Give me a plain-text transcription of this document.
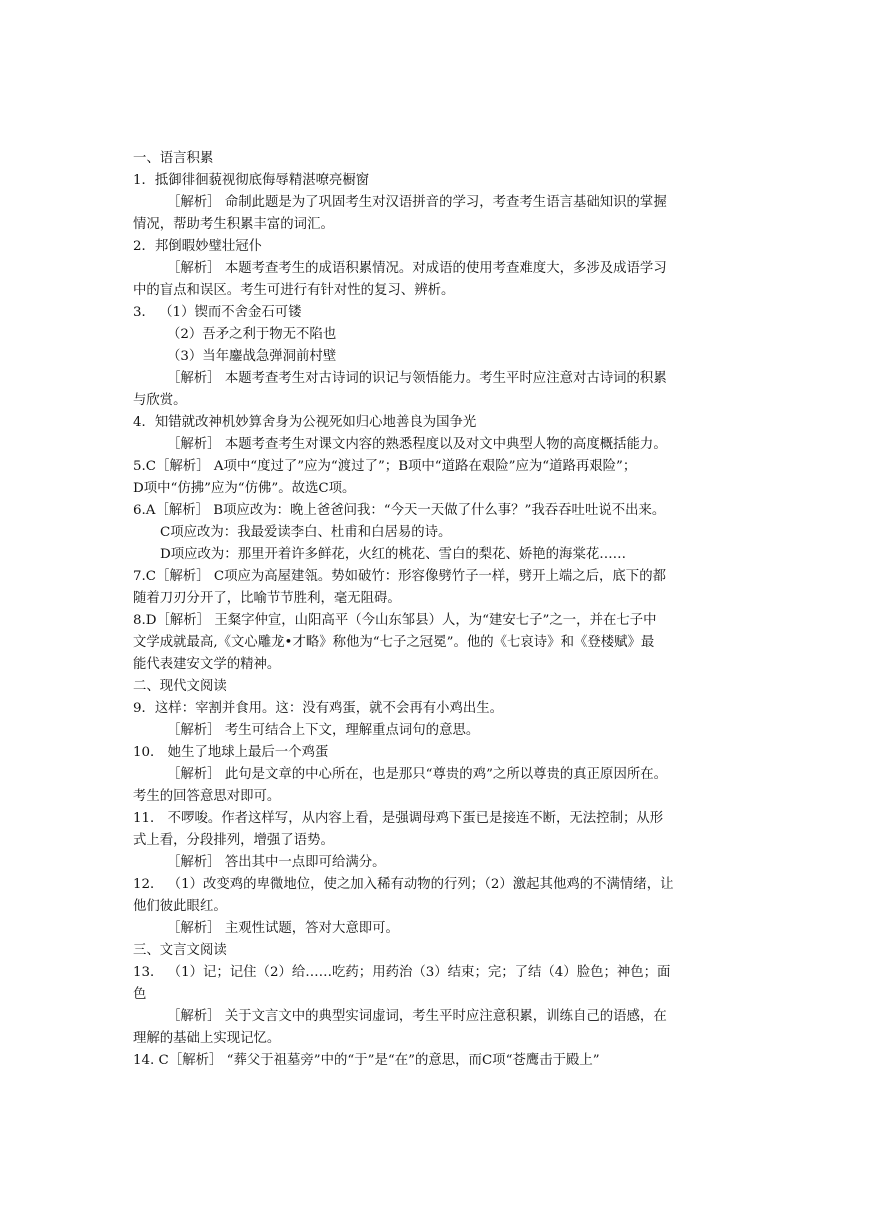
一、语言积累
1．抵御徘徊藐视彻底侮辱精湛嘹亮橱窗
［解析］ 命制此题是为了巩固考生对汉语拼音的学习，考查考生语言基础知识的掌握
情况，帮助考生积累丰富的词汇。
2．邦倒暇妙璧壮冠仆
［解析］ 本题考查考生的成语积累情况。对成语的使用考查难度大，多涉及成语学习
中的盲点和误区。考生可进行有针对性的复习、辨析。
3． （1）锲而不舍金石可镂
（2）吾矛之利于物无不陷也
（3）当年鏖战急弹洞前村壁
［解析］ 本题考查考生对古诗词的识记与领悟能力。考生平时应注意对古诗词的积累
与欣赏。
4．知错就改神机妙算舍身为公视死如归心地善良为国争光
［解析］ 本题考查考生对课文内容的熟悉程度以及对文中典型人物的高度概括能力。
5.C［解析］ A项中“度过了”应为“渡过了”；B项中“道路在艰险”应为“道路再艰险”；
D项中“仿拂”应为“仿佛”。故选C项。
6.A［解析］ B项应改为：晚上爸爸问我：“今天一天做了什么事？”我吞吞吐吐说不出来。
C项应改为：我最爱读李白、杜甫和白居易的诗。
D项应改为：那里开着许多鲜花，火红的桃花、雪白的梨花、娇艳的海棠花……
7.C［解析］ C项应为高屋建瓴。势如破竹：形容像劈竹子一样，劈开上端之后，底下的都
随着刀刃分开了，比喻节节胜利，毫无阻碍。
8.D［解析］ 王粲字仲宣，山阳高平（今山东邹县）人，为“建安七子”之一，并在七子中
文学成就最高,《文心雕龙•才略》称他为“七子之冠冕”。他的《七哀诗》和《登楼赋》最
能代表建安文学的精神。
二、现代文阅读
9．这样：宰割并食用。这：没有鸡蛋，就不会再有小鸡出生。
［解析］ 考生可结合上下文，理解重点词句的意思。
10． 她生了地球上最后一个鸡蛋
［解析］ 此句是文章的中心所在，也是那只“尊贵的鸡”之所以尊贵的真正原因所在。
考生的回答意思对即可。
11． 不啰唆。作者这样写，从内容上看，是强调母鸡下蛋已是接连不断，无法控制；从形
式上看，分段排列，增强了语势。
［解析］ 答出其中一点即可给满分。
12． （1）改变鸡的卑微地位，使之加入稀有动物的行列；（2）激起其他鸡的不满情绪，让
他们彼此眼红。
［解析］ 主观性试题，答对大意即可。
三、文言文阅读
13． （1）记；记住（2）给……吃药；用药治（3）结束；完；了结（4）脸色；神色；面
色
［解析］ 关于文言文中的典型实词虚词，考生平时应注意积累，训练自己的语感，在
理解的基础上实现记忆。
14. C［解析］ “葬父于祖墓旁”中的“于”是“在”的意思，而C项“苍鹰击于殿上”
